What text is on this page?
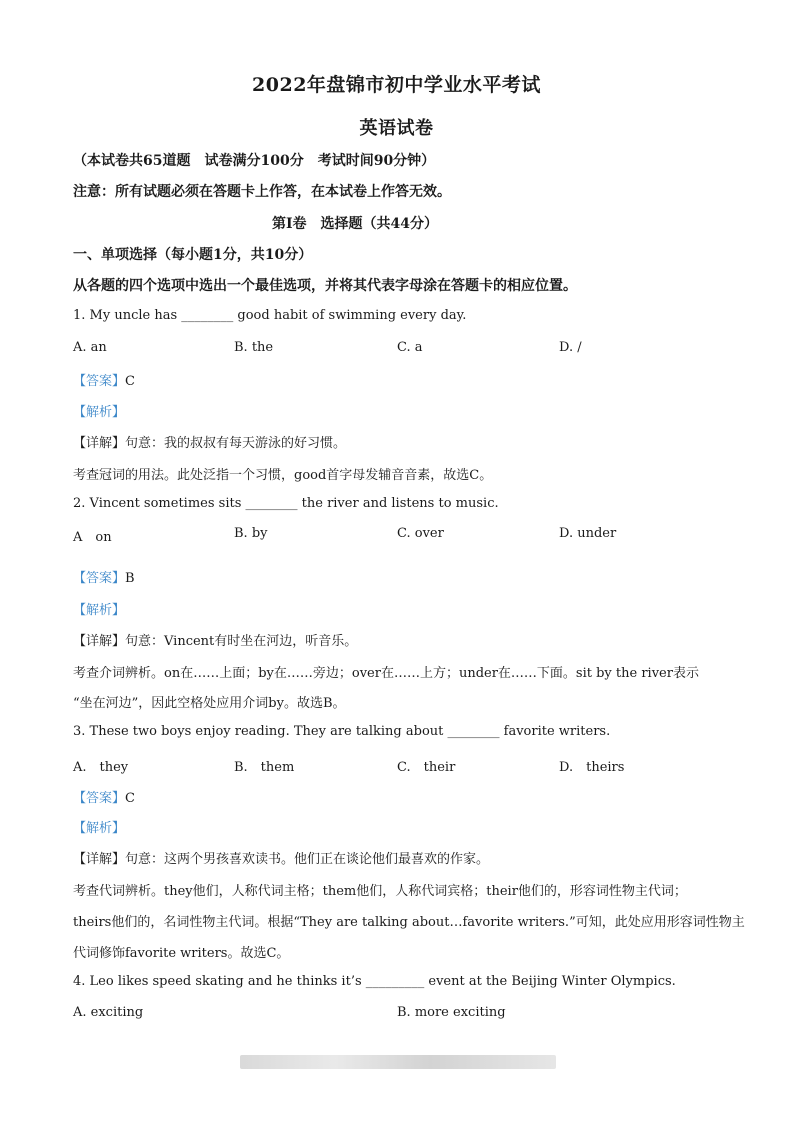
2022年盘锦市初中学业水平考试
英语试卷
（本试卷共65道题　试卷满分100分　考试时间90分钟）
注意：所有试题必须在答题卡上作答，在本试卷上作答无效。
第Ⅰ卷　选择题（共44分）
一、单项选择（每小题1分，共10分）
从各题的四个选项中选出一个最佳选项，并将其代表字母涂在答题卡的相应位置。
1. My uncle has ________ good habit of swimming every day.
A. an	B. the	C. a	D. /
【答案】C
【解析】
【详解】句意：我的叔叔有每天游泳的好习惯。
考查冠词的用法。此处泛指一个习惯，good首字母发辅音音素，故选C。
2. Vincent sometimes sits ________ the river and listens to music.
A　on	B. by	C. over	D. under
【答案】B
【解析】
【详解】句意：Vincent有时坐在河边，听音乐。
考查介词辨析。on在……上面；by在……旁边；over在……上方；under在……下面。sit by the river表示
“坐在河边”，因此空格处应用介词by。故选B。
3. These two boys enjoy reading. They are talking about ________ favorite writers.
A.　they	B.　them	C.　their	D.　theirs
【答案】C
【解析】
【详解】句意：这两个男孩喜欢读书。他们正在谈论他们最喜欢的作家。
考查代词辨析。they他们，人称代词主格；them他们，人称代词宾格；their他们的，形容词性物主代词；
theirs他们的，名词性物主代词。根据“They are talking about…favorite writers.”可知，此处应用形容词性物主
代词修饰favorite writers。故选C。
4. Leo likes speed skating and he thinks it’s _________ event at the Beijing Winter Olympics.
A. exciting	B. more exciting
